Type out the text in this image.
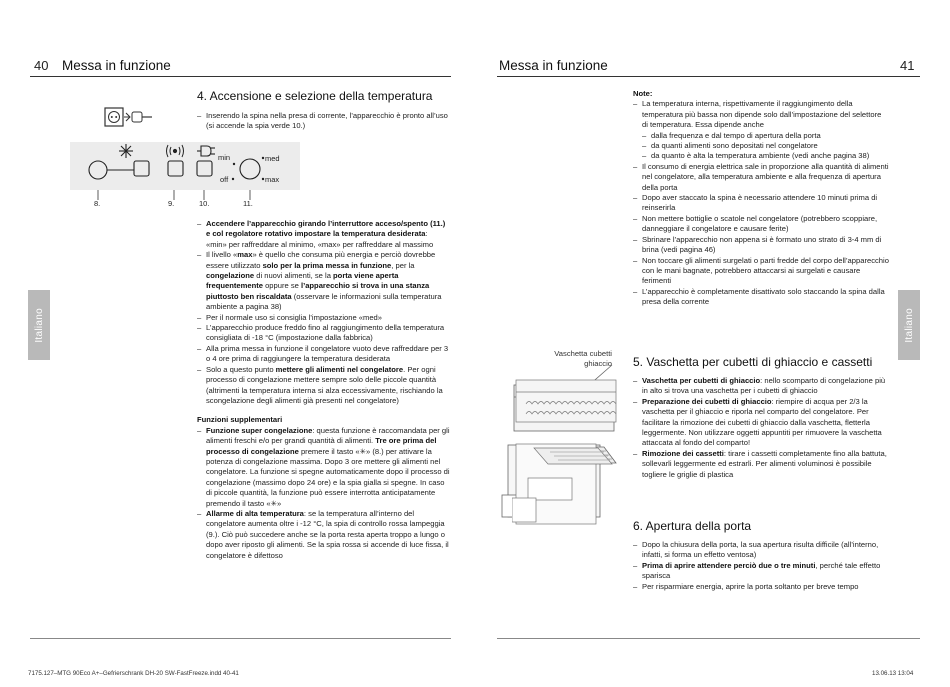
40 Messa in funzione
Italiano
min	med
off	max
8.	9.	10.	11.
4. Accensione e selezione della temperatura

– Inserendo la spina nella presa di corrente, l’apparecchio è pronto all’uso (si accende la spia verde 10.)

– Accendere l’apparecchio girando l’interruttore acceso/spento (11.) e col regolatore rotativo impostare la temperatura desiderata: «min» per raffreddare al minimo, «max» per raffreddare al massimo

– Il livello «max» è quello che consuma più energia e perciò dovrebbe essere utilizzato solo per la prima messa in funzione, per la congelazione di nuovi alimenti, se la porta viene aperta frequentemente oppure se l’apparecchio si trova in una stanza piuttosto ben riscaldata (osservare le informazioni sulla temperatura ambiente a pagina 38)

– Per il normale uso si consiglia l’impostazione «med»

– L’apparecchio produce freddo fino al raggiungimento della temperatura consigliata di -18 °C (impostazione dalla fabbrica)

– Alla prima messa in funzione il congelatore vuoto deve raffreddare per 3 o 4 ore prima di raggiungere la temperatura desiderata

– Solo a questo punto mettere gli alimenti nel congelatore. Per ogni processo di congelazione mettere sempre solo delle piccole quantità (altrimenti la temperatura interna si alza eccessivamente, rischiando la scongelazione degli alimenti già presenti nel congelatore)

Funzioni supplementari

– Funzione super congelazione: questa funzione è raccomandata per gli alimenti freschi e/o per grandi quantità di alimenti. Tre ore prima del processo di congelazione premere il tasto «✳» (8.) per attivare la potenza di congelazione massima. Dopo 3 ore mettere gli alimenti nel congelatore. La funzione si spegne automaticamente dopo il processo di congelazione (massimo dopo 24 ore) e la spia gialla si spegne. In caso di piccole quantità, la funzione può essere interrotta anticipatamente premendo il tasto «✳»

– Allarme di alta temperatura: se la temperatura all’interno del congelatore aumenta oltre i -12 °C, la spia di controllo rossa lampeggia (9.). Ciò può succedere anche se la porta resta aperta troppo a lungo o dopo aver riposto gli alimenti. Se la spia rossa si accende di luce fissa, il congelatore è difettoso

7175.127–MTG 90Eco A+–Gefrierschrank DH-20 SW-FastFreeze.indd 40-41
Messa in funzione	41
Italiano

Note:

– La temperatura interna, rispettivamente il raggiungimento della temperatura più bassa non dipende solo dall’impostazione del selettore di temperatura. Essa dipende anche

– dalla frequenza e dal tempo di apertura della porta

– da quanti alimenti sono depositati nel congelatore

– da quanto è alta la temperatura ambiente (vedi anche pagina 38)

– Il consumo di energia elettrica sale in proporzione alla quantità di alimenti nel congelatore, alla temperatura ambiente e alla frequenza di apertura della porta

– Dopo aver staccato la spina è necessario attendere 10 minuti prima di reinserirla

– Non mettere bottiglie o scatole nel congelatore (potrebbero scoppiare, danneggiare il congelatore e causare ferite)

– Sbrinare l’apparecchio non appena si è formato uno strato di 3-4 mm di brina (vedi pagina 46)

– Non toccare gli alimenti surgelati o parti fredde del corpo dell’apparecchio con le mani bagnate, potrebbero attaccarsi ai surgelati e causare ferimenti

– L’apparecchio è completamente disattivato solo staccando la spina dalla presa della corrente

Vaschetta cubetti ghiaccio 5. Vaschetta per cubetti di ghiaccio e cassetti

– Vaschetta per cubetti di ghiaccio: nello scomparto di congelazione più in alto si trova una vaschetta per i cubetti di ghiaccio

– Preparazione dei cubetti di ghiaccio: riempire di acqua per 2/3 la vaschetta per il ghiaccio e riporla nel comparto del congelatore. Per facilitare la rimozione dei cubetti di ghiaccio dalla vaschetta, fletterla leggermente. Non utilizzare oggetti appuntiti per rimuovere la vaschetta attaccata al fondo del comparto!

– Rimozione dei cassetti: tirare i cassetti completamente fino alla battuta, sollevarli leggermente ed estrarli. Per alimenti voluminosi è possibile togliere le griglie di plastica

6. Apertura della porta

– Dopo la chiusura della porta, la sua apertura risulta difficile (all’interno, infatti, si forma un effetto ventosa)

– Prima di aprire attendere perciò due o tre minuti, perché tale effetto sparisca

– Per risparmiare energia, aprire la porta soltanto per breve tempo

13.06.13 13:04
